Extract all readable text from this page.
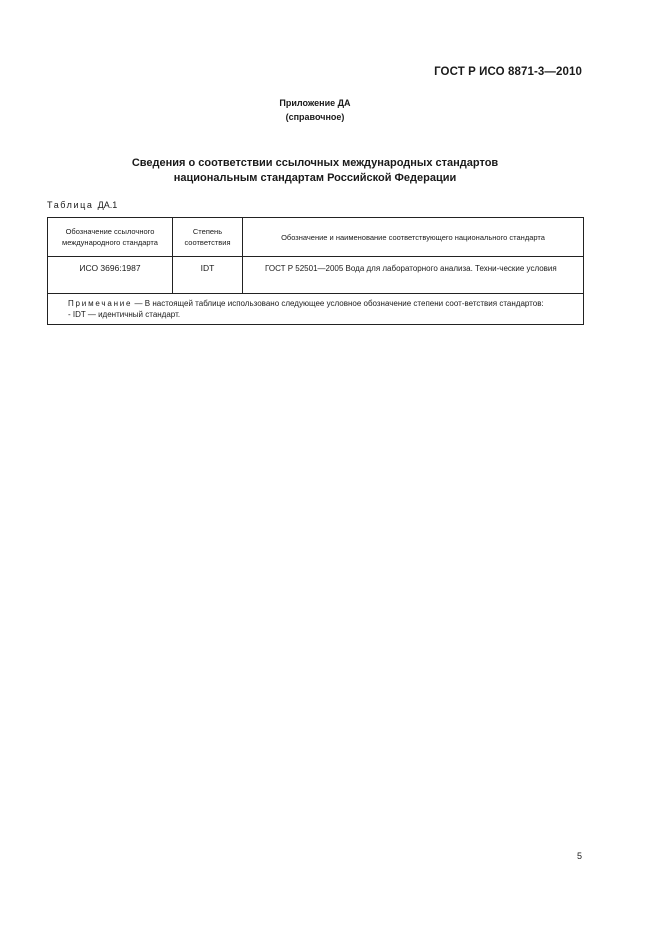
ГОСТ Р ИСО 8871-3—2010
Приложение ДА
(справочное)
Сведения о соответствии ссылочных международных стандартов
национальным стандартам Российской Федерации
Таблица ДА.1
Обозначение ссылочного международного стандарта	Степень соответствия	Обозначение и наименование соответствующего национального стандарта
ИСО 3696:1987	IDT	ГОСТ Р 52501—2005 Вода для лабораторного анализа. Техни-ческие условия

Примечание — В настоящей таблице использовано следующее условное обозначение степени соот-ветствия стандартов:
- IDT — идентичный стандарт.		
5
